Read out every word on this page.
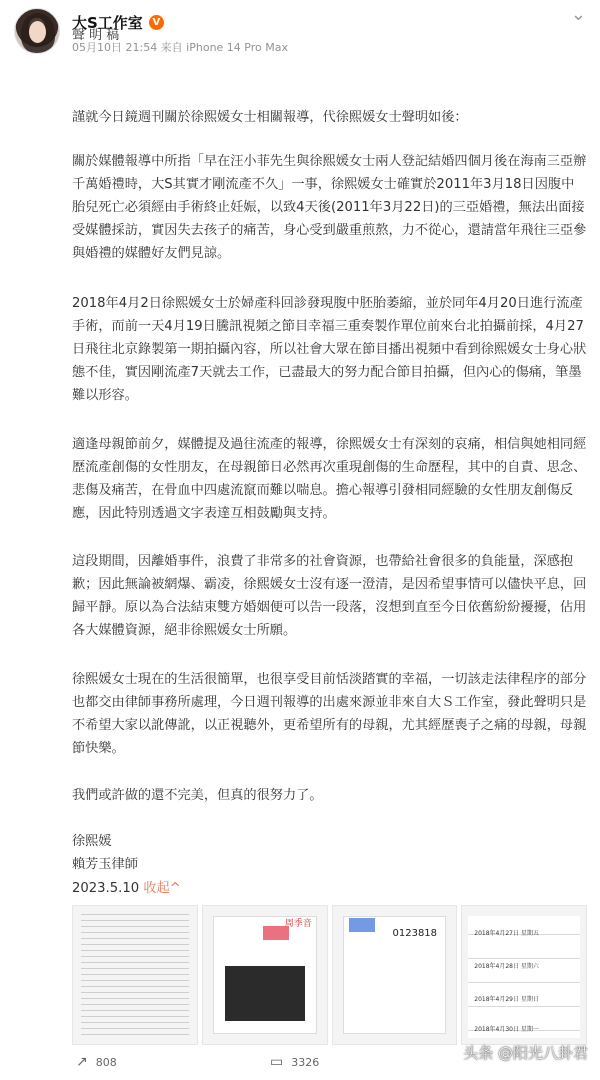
大S工作室 V
05月10日 21:54 来自 iPhone 14 Pro Max
⌄
聲 明 稿
謹就今日鏡週刊關於徐熙媛女士相關報導，代徐熙媛女士聲明如後：
關於媒體報導中所指「早在汪小菲先生與徐熙媛女士兩人登記結婚四個月後在海南三亞辦千萬婚禮時，大S其實才剛流產不久」一事，徐熙媛女士確實於2011年3月18日因腹中胎兒死亡必須經由手術終止妊娠，以致4天後(2011年3月22日)的三亞婚禮，無法出面接受媒體採訪，實因失去孩子的痛苦，身心受到嚴重煎熬，力不從心，還請當年飛往三亞參與婚禮的媒體好友們見諒。
2018年4月2日徐熙媛女士於婦產科回診發現腹中胚胎萎縮，並於同年4月20日進行流產手術，而前一天4月19日騰訊視頻之節目幸福三重奏製作單位前來台北拍攝前採，4月27日飛往北京錄製第一期拍攝內容，所以社會大眾在節目播出視頻中看到徐熙媛女士身心狀態不佳，實因剛流產7天就去工作，已盡最大的努力配合節目拍攝，但內心的傷痛，筆墨難以形容。
適逢母親節前夕，媒體提及過往流產的報導，徐熙媛女士有深刻的哀痛，相信與她相同經歷流產創傷的女性朋友，在母親節日必然再次重現創傷的生命歷程，其中的自責、思念、悲傷及痛苦，在骨血中四處流竄而難以喘息。擔心報導引發相同經驗的女性朋友創傷反應，因此特別透過文字表達互相鼓勵與支持。
這段期間，因離婚事件，浪費了非常多的社會資源，也帶給社會很多的負能量，深感抱歉；因此無論被網爆、霸凌，徐熙媛女士沒有逐一澄清，是因希望事情可以儘快平息，回歸平靜。原以為合法結束雙方婚姻便可以告一段落，沒想到直至今日依舊紛紛擾擾，佔用各大媒體資源，絕非徐熙媛女士所願。
徐熙媛女士現在的生活很簡單，也很享受目前恬淡踏實的幸福，一切該走法律程序的部分也都交由律師事務所處理，今日週刊報導的出處來源並非來自大Ｓ工作室，發此聲明只是不希望大家以訛傳訛，以正視聽外，更希望所有的母親，尤其經歷喪子之痛的母親，母親節快樂。
我們或許做的還不完美，但真的很努力了。
徐熙媛
賴芳玉律師
2023.5.10 收起^
周季音
0123818	2018年4月27日 星期五
2018年4月28日 星期六
2018年4月29日 星期日
2018年4月30日 星期一
↗ 808	▭ 3326	头条 @阳光八卦君
